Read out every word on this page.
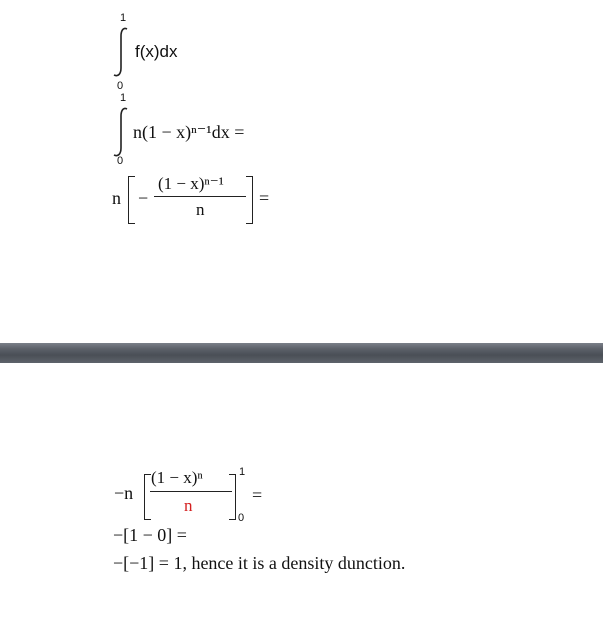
1
f(x)dx
0
1
n(1 − x)ⁿ⁻¹dx =
0
n −
(1 − x)ⁿ⁻¹
n
=
−n
(1 − x)ⁿ
n
1
0
=
−[1 − 0] =
−[−1] = 1, hence it is a density dunction.
